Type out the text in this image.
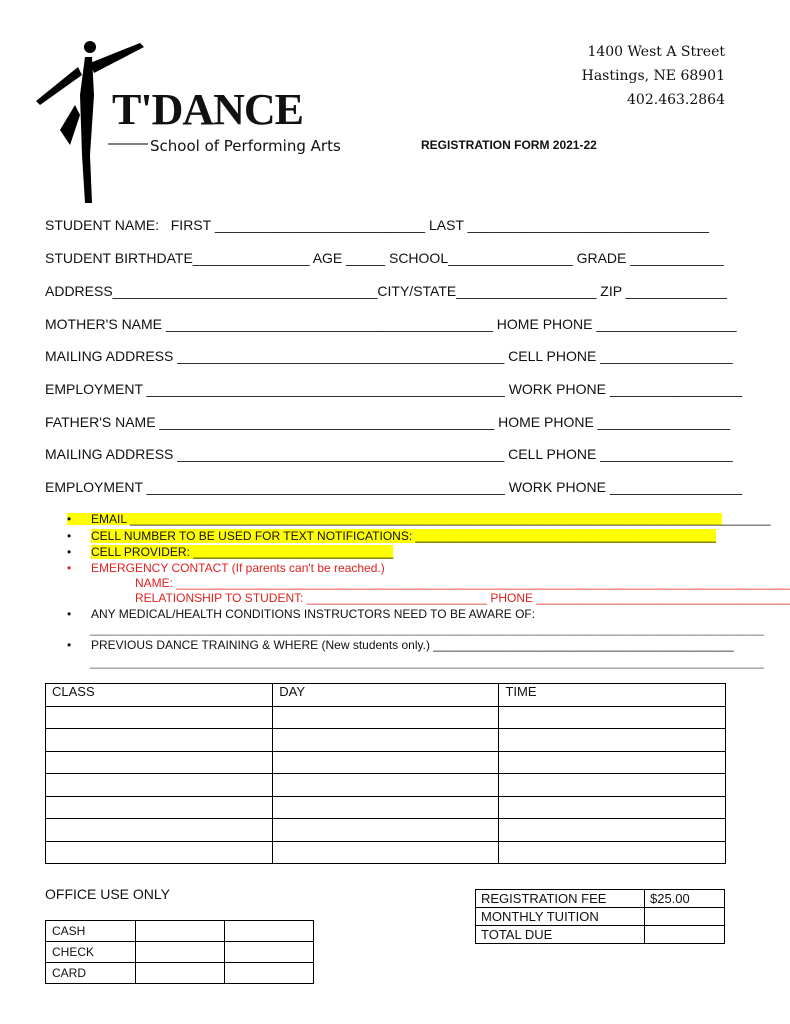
T'DANCE
School of Performing Arts
1400 West A Street
Hastings, NE 68901
402.463.2864
REGISTRATION FORM 2021-22
STUDENT NAME:   FIRST ___________________________ LAST _______________________________
STUDENT BIRTHDATE_______________ AGE _____ SCHOOL________________ GRADE ____________
ADDRESS__________________________________CITY/STATE__________________ ZIP _____________
MOTHER'S NAME __________________________________________ HOME PHONE __________________
MAILING ADDRESS __________________________________________ CELL PHONE _________________
EMPLOYMENT ______________________________________________ WORK PHONE _________________
FATHER'S NAME ___________________________________________ HOME PHONE _________________
MAILING ADDRESS __________________________________________ CELL PHONE _________________
EMPLOYMENT ______________________________________________ WORK PHONE _________________
• EMAIL ________________________________________________________________________________________________
• CELL NUMBER TO BE USED FOR TEXT NOTIFICATIONS: _____________________________________________
• CELL PROVIDER: ______________________________
• EMERGENCY CONTACT (If parents can't be reached.)
NAME: ____________________________________________________________________________________________
RELATIONSHIP TO STUDENT: ___________________________ PHONE ______________________________________
• ANY MEDICAL/HEALTH CONDITIONS INSTRUCTORS NEED TO BE AWARE OF:
_____________________________________________________________________________________________________
• PREVIOUS DANCE TRAINING & WHERE (New students only.) _____________________________________________
_____________________________________________________________________________________________________
CLASS	DAY	TIME

OFFICE USE ONLY
CASH		
CHECK		
CARD		
REGISTRATION FEE	$25.00
MONTHLY TUITION	
TOTAL DUE	
